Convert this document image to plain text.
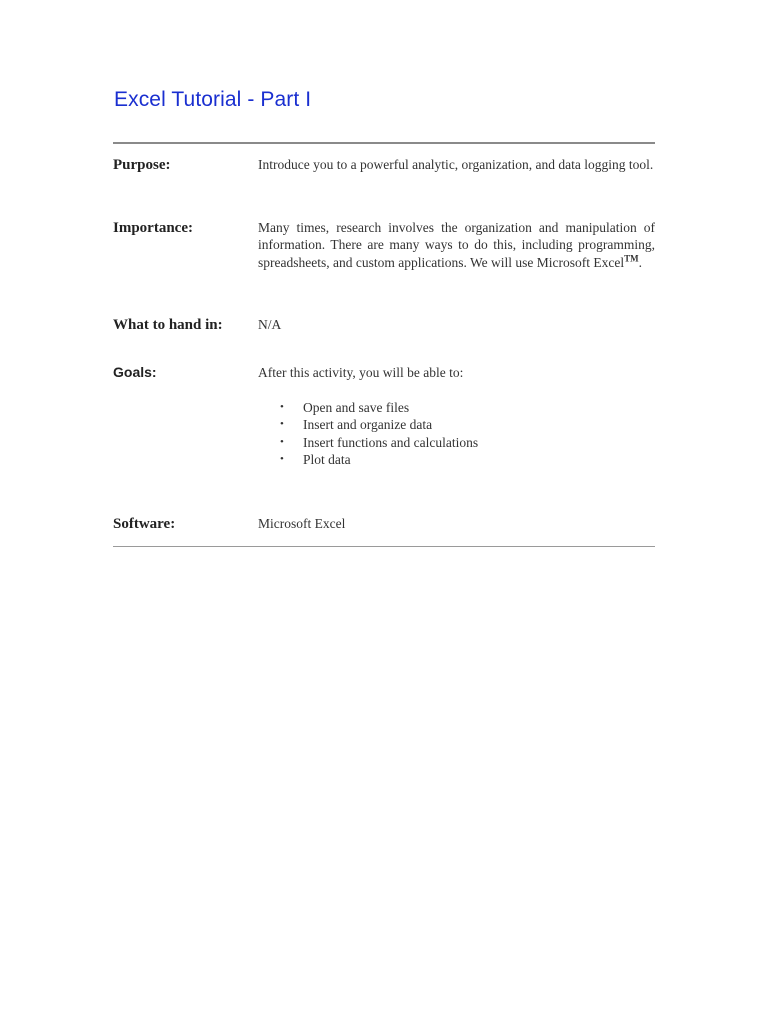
Excel Tutorial - Part I
Purpose:	Introduce you to a powerful analytic, organization, and data logging tool.
Importance:	Many times, research involves the organization and manipulation of information. There are many ways to do this, including programming, spreadsheets, and custom applications. We will use Microsoft Excel™.
What to hand in:	N/A
Goals:	After this activity, you will be able to:
• Open and save files
• Insert and organize data
• Insert functions and calculations
• Plot data
Software:	Microsoft Excel
